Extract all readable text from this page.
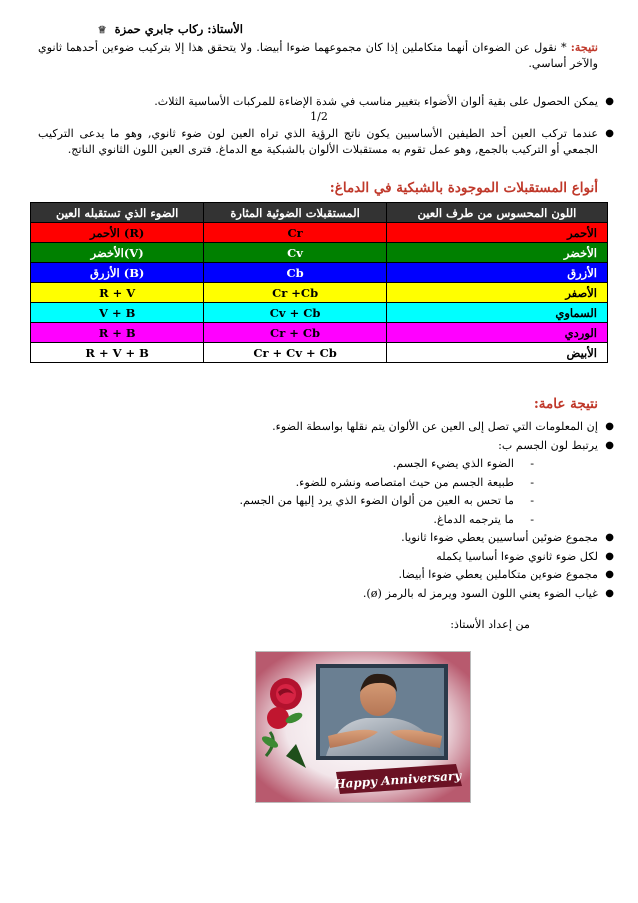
الأستاذ: ركاب جابري حمزة ♕
نتيجة: * نقول عن الضوءان أنهما متكاملين إذا كان مجموعهما ضوءا أبيضا. ولا يتحقق هذا إلا بتركيب ضوءين أحدهما ثانوي والآخر أساسي.
●
يمكن الحصول على بقية ألوان الأضواء بتغيير مناسب في شدة الإضاءة للمركبات الأساسية الثلاث.
1/2
●
عندما تركب العين أحد الطيفين الأساسيين يكون ناتج الرؤية الذي تراه العين لون ضوء ثانوي, وهو ما يدعى التركيب الجمعي أو التركيب بالجمع, وهو عمل تقوم به مستقبلات الألوان بالشبكية مع الدماغ. فترى العين اللون الثانوي الناتج.
أنواع المستقبلات الموجودة بالشبكية في الدماغ:
اللون المحسوس من طرف العين	المستقبلات الضوئية المثارة	الضوء الذي تستقبله العين
الأحمر	Cr	(R) الأحمر
الأخضر	Cv	(V)الأخضر
الأزرق	Cb	(B) الأزرق
الأصفر	Cr +Cb	R + V
السماوي	Cv + Cb	V + B
الوردي	Cr + Cb	R + B
الأبيض	Cr + Cv + Cb	R + V + B
نتيجة عامة:
●
إن المعلومات التي تصل إلى العين عن الألوان يتم نقلها بواسطة الضوء.
●
يرتبط لون الجسم ب:
-
الضوء الذي يضيء الجسم.
-
طبيعة الجسم من حيث امتصاصه ونشره للضوء.
-
ما تحس به العين من ألوان الضوء الذي يرد إليها من الجسم.
-
ما يترجمه الدماغ.
●
مجموع ضوئين أساسيين يعطي ضوءا ثانويا.
●
لكل ضوء ثانوي ضوءا أساسيا يكمله
●
مجموع ضوءين متكاملين يعطي ضوءا أبيضا.
●
غياب الضوء يعني اللون السود ويرمز له بالرمز (ø).
من إعداد الأستاذ:
Happy Anniversary
